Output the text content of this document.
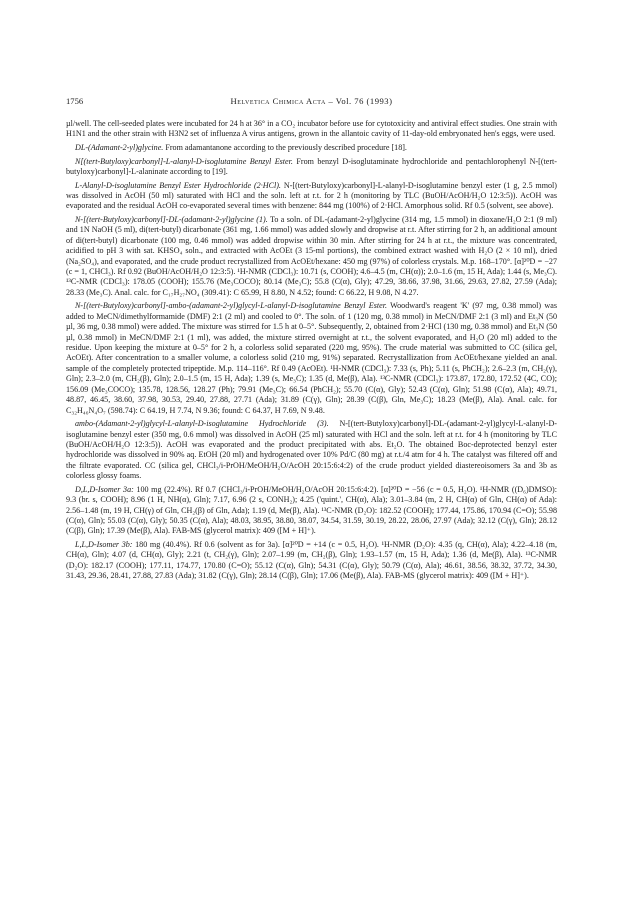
1756	Helvetica Chimica Acta – Vol. 76 (1993)

µl/well. The cell-seeded plates were incubated for 24 h at 36° in a CO₂ incubator before use for cytotoxicity and antiviral effect studies. One strain with H1N1 and the other strain with H3N2 set of influenza A virus antigens, grown in the allantoic cavity of 11-day-old embryonated hen's eggs, were used.

DL-(Adamant-2-yl)glycine. From adamantanone according to the previously described procedure [18].

N[(tert-Butyloxy)carbonyl]-L-alanyl-D-isoglutamine Benzyl Ester. From benzyl D-isoglutaminate hydrochloride and pentachlorophenyl N-[(tert-butyloxy)carbonyl]-L-alaninate according to [19].

L-Alanyl-D-isoglutamine Benzyl Ester Hydrochloride (2·HCl). N-[(tert-Butyloxy)carbonyl]-L-alanyl-D-isoglutamine benzyl ester (1 g, 2.5 mmol) was dissolved in AcOH (50 ml) saturated with HCl and the soln. left at r.t. for 2 h (monitoring by TLC (BuOH/AcOH/H₂O 12:3:5)). AcOH was evaporated and the residual AcOH co-evaporated several times with benzene: 844 mg (100%) of 2·HCl. Amorphous solid. Rf 0.5 (solvent, see above).

N-[(tert-Butyloxy)carbonyl]-DL-(adamant-2-yl)glycine (1). To a soln. of DL-(adamant-2-yl)glycine (314 mg, 1.5 mmol) in dioxane/H₂O 2:1 (9 ml) and 1N NaOH (5 ml), di(tert-butyl) dicarbonate (361 mg, 1.66 mmol) was added slowly and dropwise at r.t. After stirring for 2 h, an additional amount of di(tert-butyl) dicarbonate (100 mg, 0.46 mmol) was added dropwise within 30 min. After stirring for 24 h at r.t., the mixture was concentrated, acidified to pH 3 with sat. KHSO₄ soln., and extracted with AcOEt (3 15-ml portions), the combined extract washed with H₂O (2 × 10 ml), dried (Na₂SO₄), and evaporated, and the crude product recrystallized from AcOEt/hexane: 450 mg (97%) of colorless crystals. M.p. 168–170°. [α]²⁰D = −27 (c = 1, CHCl₃). Rf 0.92 (BuOH/AcOH/H₂O 12:3:5). ¹H-NMR (CDCl₃): 10.71 (s, COOH); 4.6–4.5 (m, CH(α)); 2.0–1.6 (m, 15 H, Ada); 1.44 (s, Me₃C). ¹³C-NMR (CDCl₃): 178.05 (COOH); 155.76 (Me₃COCO); 80.14 (Me₃C); 55.8 (C(α), Gly); 47.29, 38.66, 37.98, 31.66, 29.63, 27.82, 27.59 (Ada); 28.33 (Me₃C). Anal. calc. for C₁₇H₂₇NO₄ (309.41): C 65.99, H 8.80, N 4.52; found: C 66.22, H 9.08, N 4.27.

N-[(tert-Butyloxy)carbonyl]-ambo-(adamant-2-yl)glycyl-L-alanyl-D-isoglutamine Benzyl Ester. Woodward's reagent 'K' (97 mg, 0.38 mmol) was added to MeCN/dimethylformamide (DMF) 2:1 (2 ml) and cooled to 0°. The soln. of 1 (120 mg, 0.38 mmol) in MeCN/DMF 2:1 (3 ml) and Et₃N (50 µl, 36 mg, 0.38 mmol) were added. The mixture was stirred for 1.5 h at 0–5°. Subsequently, 2, obtained from 2·HCl (130 mg, 0.38 mmol) and Et₃N (50 µl, 0.38 mmol) in MeCN/DMF 2:1 (1 ml), was added, the mixture stirred overnight at r.t., the solvent evaporated, and H₂O (20 ml) added to the residue. Upon keeping the mixture at 0–5° for 2 h, a colorless solid separated (220 mg, 95%). The crude material was submitted to CC (silica gel, AcOEt). After concentration to a smaller volume, a colorless solid (210 mg, 91%) separated. Recrystallization from AcOEt/hexane yielded an anal. sample of the completely protected tripeptide. M.p. 114–116°. Rf 0.49 (AcOEt). ¹H-NMR (CDCl₃): 7.33 (s, Ph); 5.11 (s, PhCH₂); 2.6–2.3 (m, CH₂(γ), Gln); 2.3–2.0 (m, CH₂(β), Gln); 2.0–1.5 (m, 15 H, Ada); 1.39 (s, Me₃C); 1.35 (d, Me(β), Ala). ¹³C-NMR (CDCl₃): 173.87, 172.80, 172.52 (4C, CO); 156.09 (Me₃COCO); 135.78, 128.56, 128.27 (Ph); 79.91 (Me₃C); 66.54 (PhCH₂); 55.70 (C(α), Gly); 52.43 (C(α), Gln); 51.98 (C(α), Ala); 49.71, 48.87, 46.45, 38.60, 37.98, 30.53, 29.40, 27.88, 27.71 (Ada); 31.89 (C(γ), Gln); 28.39 (C(β), Gln, Me₃C); 18.23 (Me(β), Ala). Anal. calc. for C₃₂H₄₆N₄O₇ (598.74): C 64.19, H 7.74, N 9.36; found: C 64.37, H 7.69, N 9.48.

ambo-(Adamant-2-yl)glycyl-L-alanyl-D-isoglutamine Hydrochloride (3). N-[(tert-Butyloxy)carbonyl]-DL-(adamant-2-yl)glycyl-L-alanyl-D-isoglutamine benzyl ester (350 mg, 0.6 mmol) was dissolved in AcOH (25 ml) saturated with HCl and the soln. left at r.t. for 4 h (monitoring by TLC (BuOH/AcOH/H₂O 12:3:5)). AcOH was evaporated and the product precipitated with abs. Et₂O. The obtained Boc-deprotected benzyl ester hydrochloride was dissolved in 90% aq. EtOH (20 ml) and hydrogenated over 10% Pd/C (80 mg) at r.t./4 atm for 4 h. The catalyst was filtered off and the filtrate evaporated. CC (silica gel, CHCl₃/i-PrOH/MeOH/H₂O/AcOH 20:15:6:4:2) of the crude product yielded diastereoisomers 3a and 3b as colorless glossy foams.

D,L,D-Isomer 3a: 100 mg (22.4%). Rf 0.7 (CHCl₃/i-PrOH/MeOH/H₂O/AcOH 20:15:6:4:2). [α]²⁰D = −56 (c = 0.5, H₂O). ¹H-NMR ((D₆)DMSO): 9.3 (br. s, COOH); 8.96 (1 H, NH(α), Gln); 7.17, 6.96 (2 s, CONH₂); 4.25 ('quint.', CH(α), Ala); 3.01–3.84 (m, 2 H, CH(α) of Gln, CH(α) of Ada): 2.56–1.48 (m, 19 H, CH(γ) of Gln, CH₂(β) of Gln, Ada); 1.19 (d, Me(β), Ala). ¹³C-NMR (D₂O): 182.52 (COOH); 177.44, 175.86, 170.94 (C=O); 55.98 (C(α), Gln); 55.03 (C(α), Gly); 50.35 (C(α), Ala); 48.03, 38.95, 38.80, 38.07, 34.54, 31.59, 30.19, 28.22, 28.06, 27.97 (Ada); 32.12 (C(γ), Gln); 28.12 (C(β), Gln); 17.39 (Me(β), Ala). FAB-MS (glycerol matrix): 409 ([M + H]⁺).

L,L,D-Isomer 3b: 180 mg (40.4%). Rf 0.6 (solvent as for 3a). [α]²⁰D = +14 (c = 0.5, H₂O). ¹H-NMR (D₂O): 4.35 (q, CH(α), Ala); 4.22–4.18 (m, CH(α), Gln); 4.07 (d, CH(α), Gly); 2.21 (t, CH₂(γ), Gln); 2.07–1.99 (m, CH₂(β), Gln); 1.93–1.57 (m, 15 H, Ada); 1.36 (d, Me(β), Ala). ¹³C-NMR (D₂O): 182.17 (COOH); 177.11, 174.77, 170.80 (C=O); 55.12 (C(α), Gln); 54.31 (C(α), Gly); 50.79 (C(α), Ala); 46.61, 38.56, 38.32, 37.72, 34.30, 31.43, 29.36, 28.41, 27.88, 27.83 (Ada); 31.82 (C(γ), Gln); 28.14 (C(β), Gln); 17.06 (Me(β), Ala). FAB-MS (glycerol matrix): 409 ([M + H]⁺).
